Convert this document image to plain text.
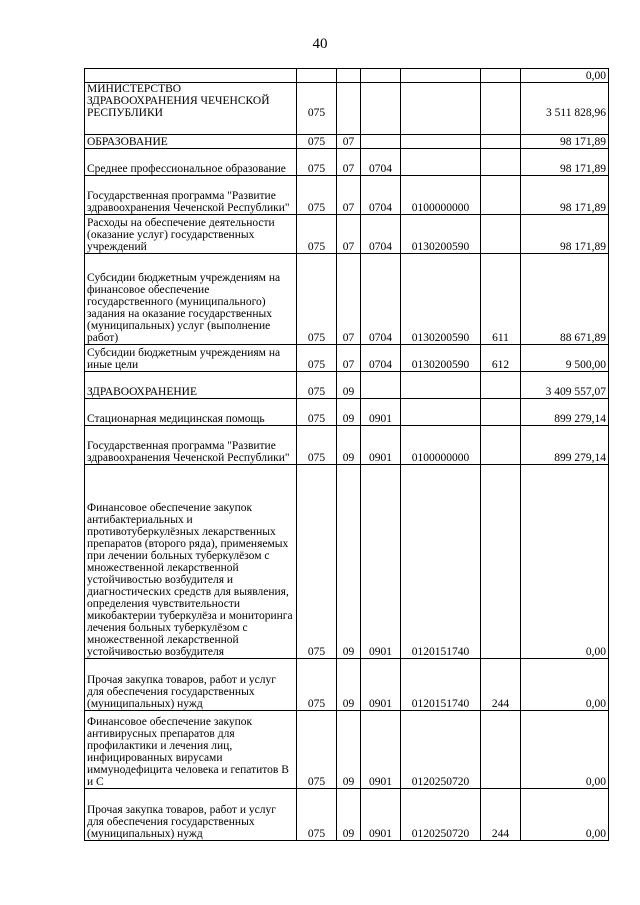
40
						0,00
МИНИСТЕРСТВО ЗДРАВООХРАНЕНИЯ ЧЕЧЕНСКОЙ РЕСПУБЛИКИ	075					3 511 828,96
ОБРАЗОВАНИЕ	075	07				98 171,89
Среднее профессиональное образование	075	07	0704			98 171,89
Государственная программа "Развитие здравоохранения Чеченской Республики"	075	07	0704	0100000000		98 171,89
Расходы на обеспечение деятельности (оказание услуг) государственных учреждений	075	07	0704	0130200590		98 171,89
Субсидии бюджетным учреждениям на финансовое обеспечение государственного (муниципального) задания на оказание государственных (муниципальных) услуг (выполнение работ)	075	07	0704	0130200590	611	88 671,89
Субсидии бюджетным учреждениям на иные цели	075	07	0704	0130200590	612	9 500,00
ЗДРАВООХРАНЕНИЕ	075	09				3 409 557,07
Стационарная медицинская помощь	075	09	0901			899 279,14
Государственная программа "Развитие здравоохранения Чеченской Республики"	075	09	0901	0100000000		899 279,14
Финансовое обеспечение закупок антибактериальных и противотуберкулёзных лекарственных препаратов (второго ряда), применяемых при лечении больных туберкулёзом с множественной лекарственной устойчивостью возбудителя и диагностических средств для выявления, определения чувствительности микобактерии туберкулёза и мониторинга лечения больных туберкулёзом с множественной лекарственной устойчивостью возбудителя	075	09	0901	0120151740		0,00
Прочая закупка товаров, работ и услуг для обеспечения государственных (муниципальных) нужд	075	09	0901	0120151740	244	0,00
Финансовое обеспечение закупок антивирусных препаратов для профилактики и лечения лиц, инфицированных вирусами иммунодефицита человека и гепатитов В и С	075	09	0901	0120250720		0,00
Прочая закупка товаров, работ и услуг для обеспечения государственных (муниципальных) нужд	075	09	0901	0120250720	244	0,00
